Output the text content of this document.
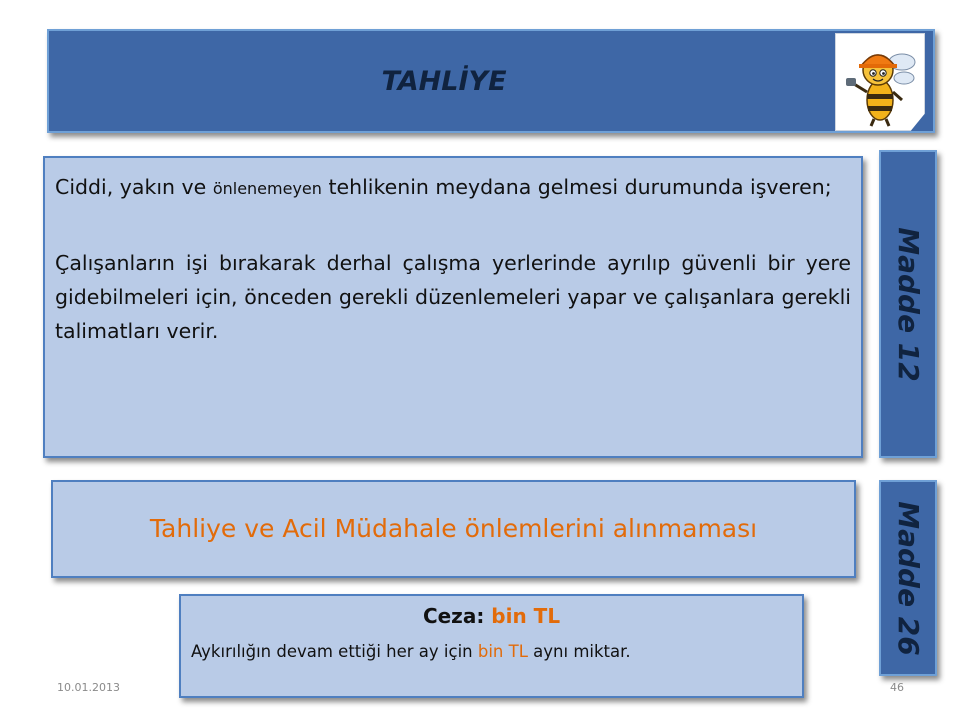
TAHLİYE
Madde 12
Madde 26

Ciddi, yakın ve önlenemeyen tehlikenin meydana gelmesi durumunda işveren;

Çalışanların işi bırakarak derhal çalışma yerlerinde ayrılıp güvenli bir yere gidebilmeleri için, önceden gerekli düzenlemeleri yapar ve çalışanlara gerekli talimatları verir.

Tahliye ve Acil Müdahale önlemlerini alınmaması
Ceza: bin TL
Aykırılığın devam ettiği her ay için bin TL aynı miktar.
10.01.2013	46
